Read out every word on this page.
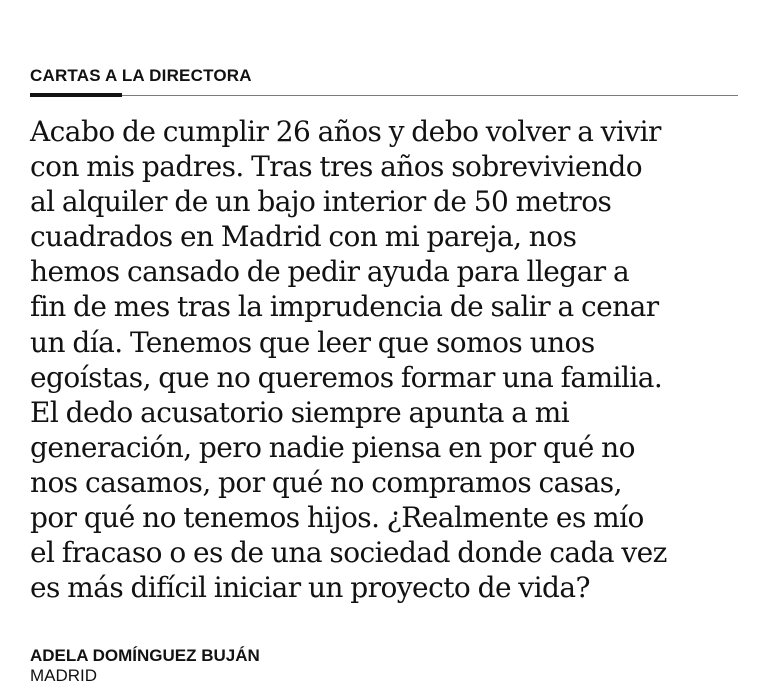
CARTAS A LA DIRECTORA
Acabo de cumplir 26 años y debo volver a vivir
con mis padres. Tras tres años sobreviviendo
al alquiler de un bajo interior de 50 metros
cuadrados en Madrid con mi pareja, nos
hemos cansado de pedir ayuda para llegar a
fin de mes tras la imprudencia de salir a cenar
un día. Tenemos que leer que somos unos
egoístas, que no queremos formar una familia.
El dedo acusatorio siempre apunta a mi
generación, pero nadie piensa en por qué no
nos casamos, por qué no compramos casas,
por qué no tenemos hijos. ¿Realmente es mío
el fracaso o es de una sociedad donde cada vez
es más difícil iniciar un proyecto de vida?
ADELA DOMÍNGUEZ BUJÁN
MADRID
